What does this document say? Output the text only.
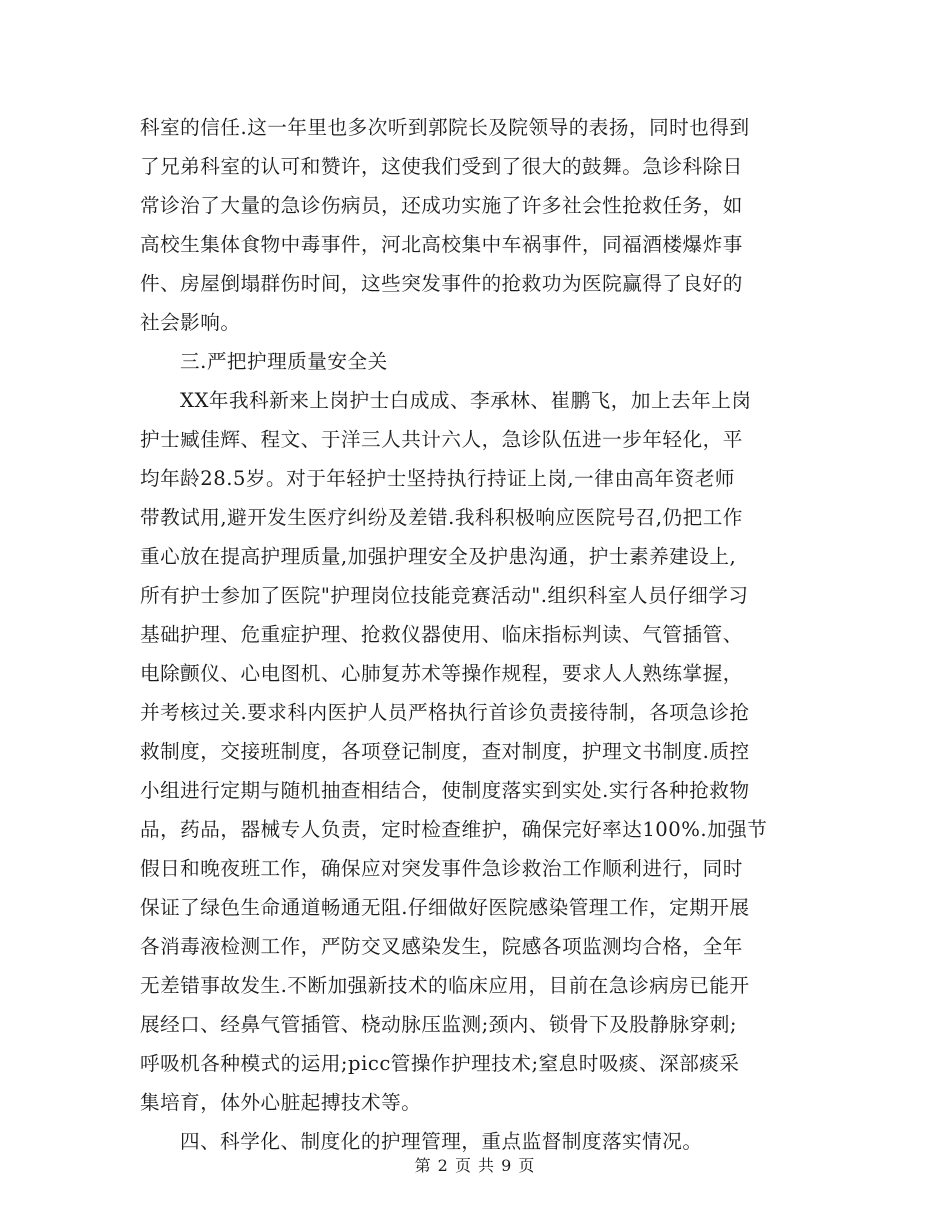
科室的信任.这一年里也多次听到郭院长及院领导的表扬，同时也得到
了兄弟科室的认可和赞许，这使我们受到了很大的鼓舞。急诊科除日
常诊治了大量的急诊伤病员，还成功实施了许多社会性抢救任务，如
高校生集体食物中毒事件，河北高校集中车祸事件，同福酒楼爆炸事
件、房屋倒塌群伤时间，这些突发事件的抢救功为医院赢得了良好的
社会影响。
三.严把护理质量安全关
XX年我科新来上岗护士白成成、李承林、崔鹏飞，加上去年上岗
护士臧佳辉、程文、于洋三人共计六人，急诊队伍进一步年轻化，平
均年龄28.5岁。对于年轻护士坚持执行持证上岗,一律由高年资老师
带教试用,避开发生医疗纠纷及差错.我科积极响应医院号召,仍把工作
重心放在提高护理质量,加强护理安全及护患沟通，护士素养建设上,
所有护士参加了医院"护理岗位技能竞赛活动".组织科室人员仔细学习
基础护理、危重症护理、抢救仪器使用、临床指标判读、气管插管、
电除颤仪、心电图机、心肺复苏术等操作规程，要求人人熟练掌握，
并考核过关.要求科内医护人员严格执行首诊负责接待制，各项急诊抢
救制度，交接班制度，各项登记制度，查对制度，护理文书制度.质控
小组进行定期与随机抽查相结合，使制度落实到实处.实行各种抢救物
品，药品，器械专人负责，定时检查维护，确保完好率达100%.加强节
假日和晚夜班工作，确保应对突发事件急诊救治工作顺利进行，同时
保证了绿色生命通道畅通无阻.仔细做好医院感染管理工作，定期开展
各消毒液检测工作，严防交叉感染发生，院感各项监测均合格，全年
无差错事故发生.不断加强新技术的临床应用，目前在急诊病房已能开
展经口、经鼻气管插管、桡动脉压监测;颈内、锁骨下及股静脉穿刺;
呼吸机各种模式的运用;picc管操作护理技术;窒息时吸痰、深部痰采
集培育，体外心脏起搏技术等。
四、科学化、制度化的护理管理，重点监督制度落实情况。
第 2 页 共 9 页
